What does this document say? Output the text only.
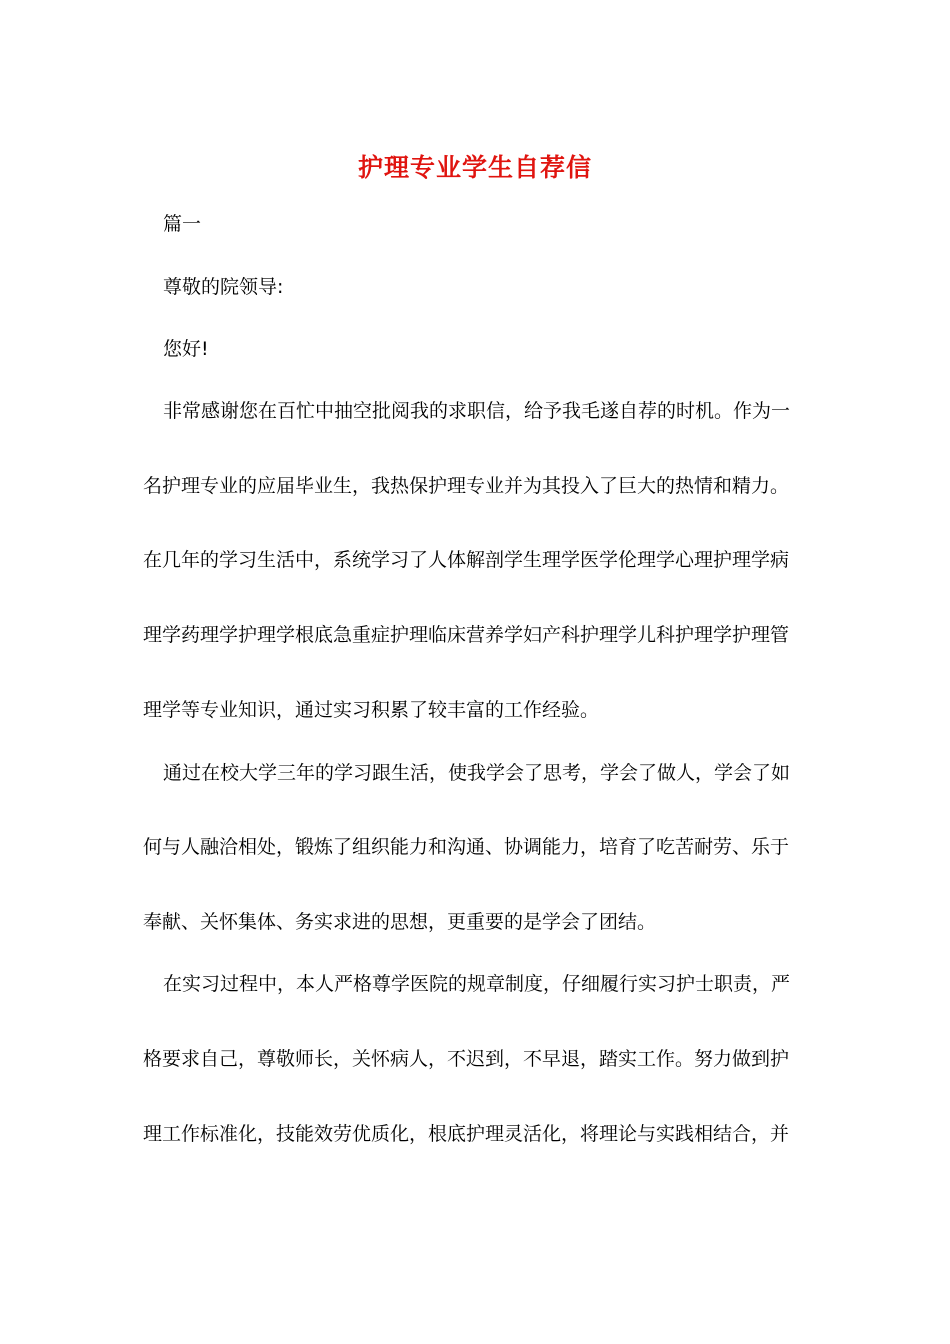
护理专业学生自荐信
篇一
尊敬的院领导:
您好!
非常感谢您在百忙中抽空批阅我的求职信，给予我毛遂自荐的时机。作为一
名护理专业的应届毕业生，我热保护理专业并为其投入了巨大的热情和精力。
在几年的学习生活中，系统学习了人体解剖学生理学医学伦理学心理护理学病
理学药理学护理学根底急重症护理临床营养学妇产科护理学儿科护理学护理管
理学等专业知识，通过实习积累了较丰富的工作经验。
通过在校大学三年的学习跟生活，使我学会了思考，学会了做人，学会了如
何与人融洽相处，锻炼了组织能力和沟通、协调能力，培育了吃苦耐劳、乐于
奉献、关怀集体、务实求进的思想，更重要的是学会了团结。
在实习过程中，本人严格尊学医院的规章制度，仔细履行实习护士职责，严
格要求自己，尊敬师长，关怀病人，不迟到，不早退，踏实工作。努力做到护
理工作标准化，技能效劳优质化，根底护理灵活化，将理论与实践相结合，并
